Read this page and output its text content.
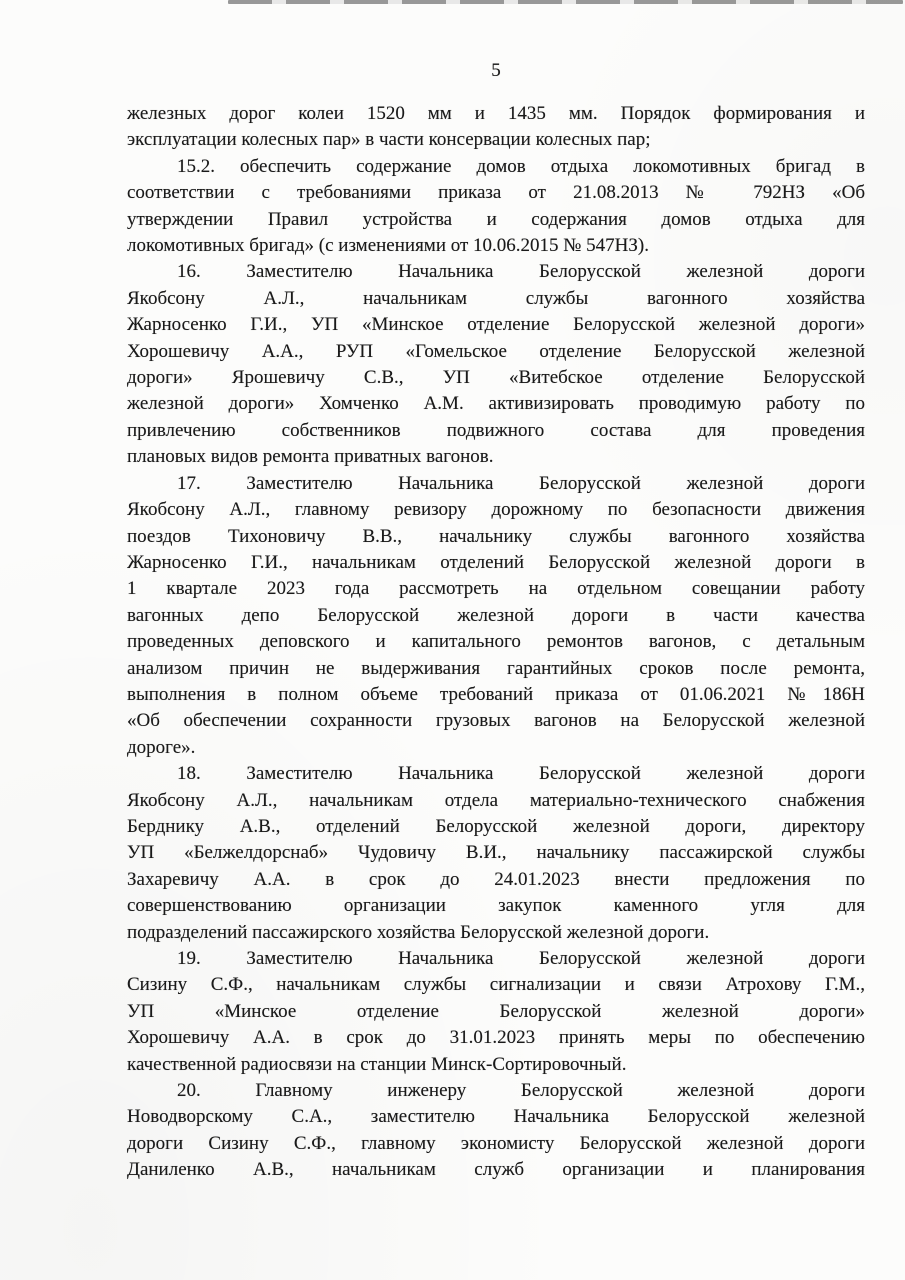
5
железных дорог колеи 1520 мм и 1435 мм. Порядок формирования и
эксплуатации колесных пар» в части консервации колесных пар;
15.2. обеспечить содержание домов отдыха локомотивных бригад в
соответствии с требованиями приказа от 21.08.2013 № 792НЗ «Об
утверждении Правил устройства и содержания домов отдыха для
локомотивных бригад» (с изменениями от 10.06.2015 № 547НЗ).
16. Заместителю Начальника Белорусской железной дороги
Якобсону А.Л., начальникам службы вагонного хозяйства
Жарносенко Г.И., УП «Минское отделение Белорусской железной дороги»
Хорошевичу А.А., РУП «Гомельское отделение Белорусской железной
дороги» Ярошевичу С.В., УП «Витебское отделение Белорусской
железной дороги» Хомченко А.М. активизировать проводимую работу по
привлечению собственников подвижного состава для проведения
плановых видов ремонта приватных вагонов.
17. Заместителю Начальника Белорусской железной дороги
Якобсону А.Л., главному ревизору дорожному по безопасности движения
поездов Тихоновичу В.В., начальнику службы вагонного хозяйства
Жарносенко Г.И., начальникам отделений Белорусской железной дороги в
1 квартале 2023 года рассмотреть на отдельном совещании работу
вагонных депо Белорусской железной дороги в части качества
проведенных деповского и капитального ремонтов вагонов, с детальным
анализом причин не выдерживания гарантийных сроков после ремонта,
выполнения в полном объеме требований приказа от 01.06.2021 №186Н
«Об обеспечении сохранности грузовых вагонов на Белорусской железной
дороге».
18. Заместителю Начальника Белорусской железной дороги
Якобсону А.Л., начальникам отдела материально-технического снабжения
Берднику А.В., отделений Белорусской железной дороги, директору
УП «Белжелдорснаб» Чудовичу В.И., начальнику пассажирской службы
Захаревичу А.А. в срок до 24.01.2023 внести предложения по
совершенствованию организации закупок каменного угля для
подразделений пассажирского хозяйства Белорусской железной дороги.
19. Заместителю Начальника Белорусской железной дороги
Сизину С.Ф., начальникам службы сигнализации и связи Атрохову Г.М.,
УП «Минское отделение Белорусской железной дороги»
Хорошевичу А.А. в срок до 31.01.2023 принять меры по обеспечению
качественной радиосвязи на станции Минск-Сортировочный.
20. Главному инженеру Белорусской железной дороги
Новодворскому С.А., заместителю Начальника Белорусской железной
дороги Сизину С.Ф., главному экономисту Белорусской железной дороги
Даниленко А.В., начальникам служб организации и планирования
